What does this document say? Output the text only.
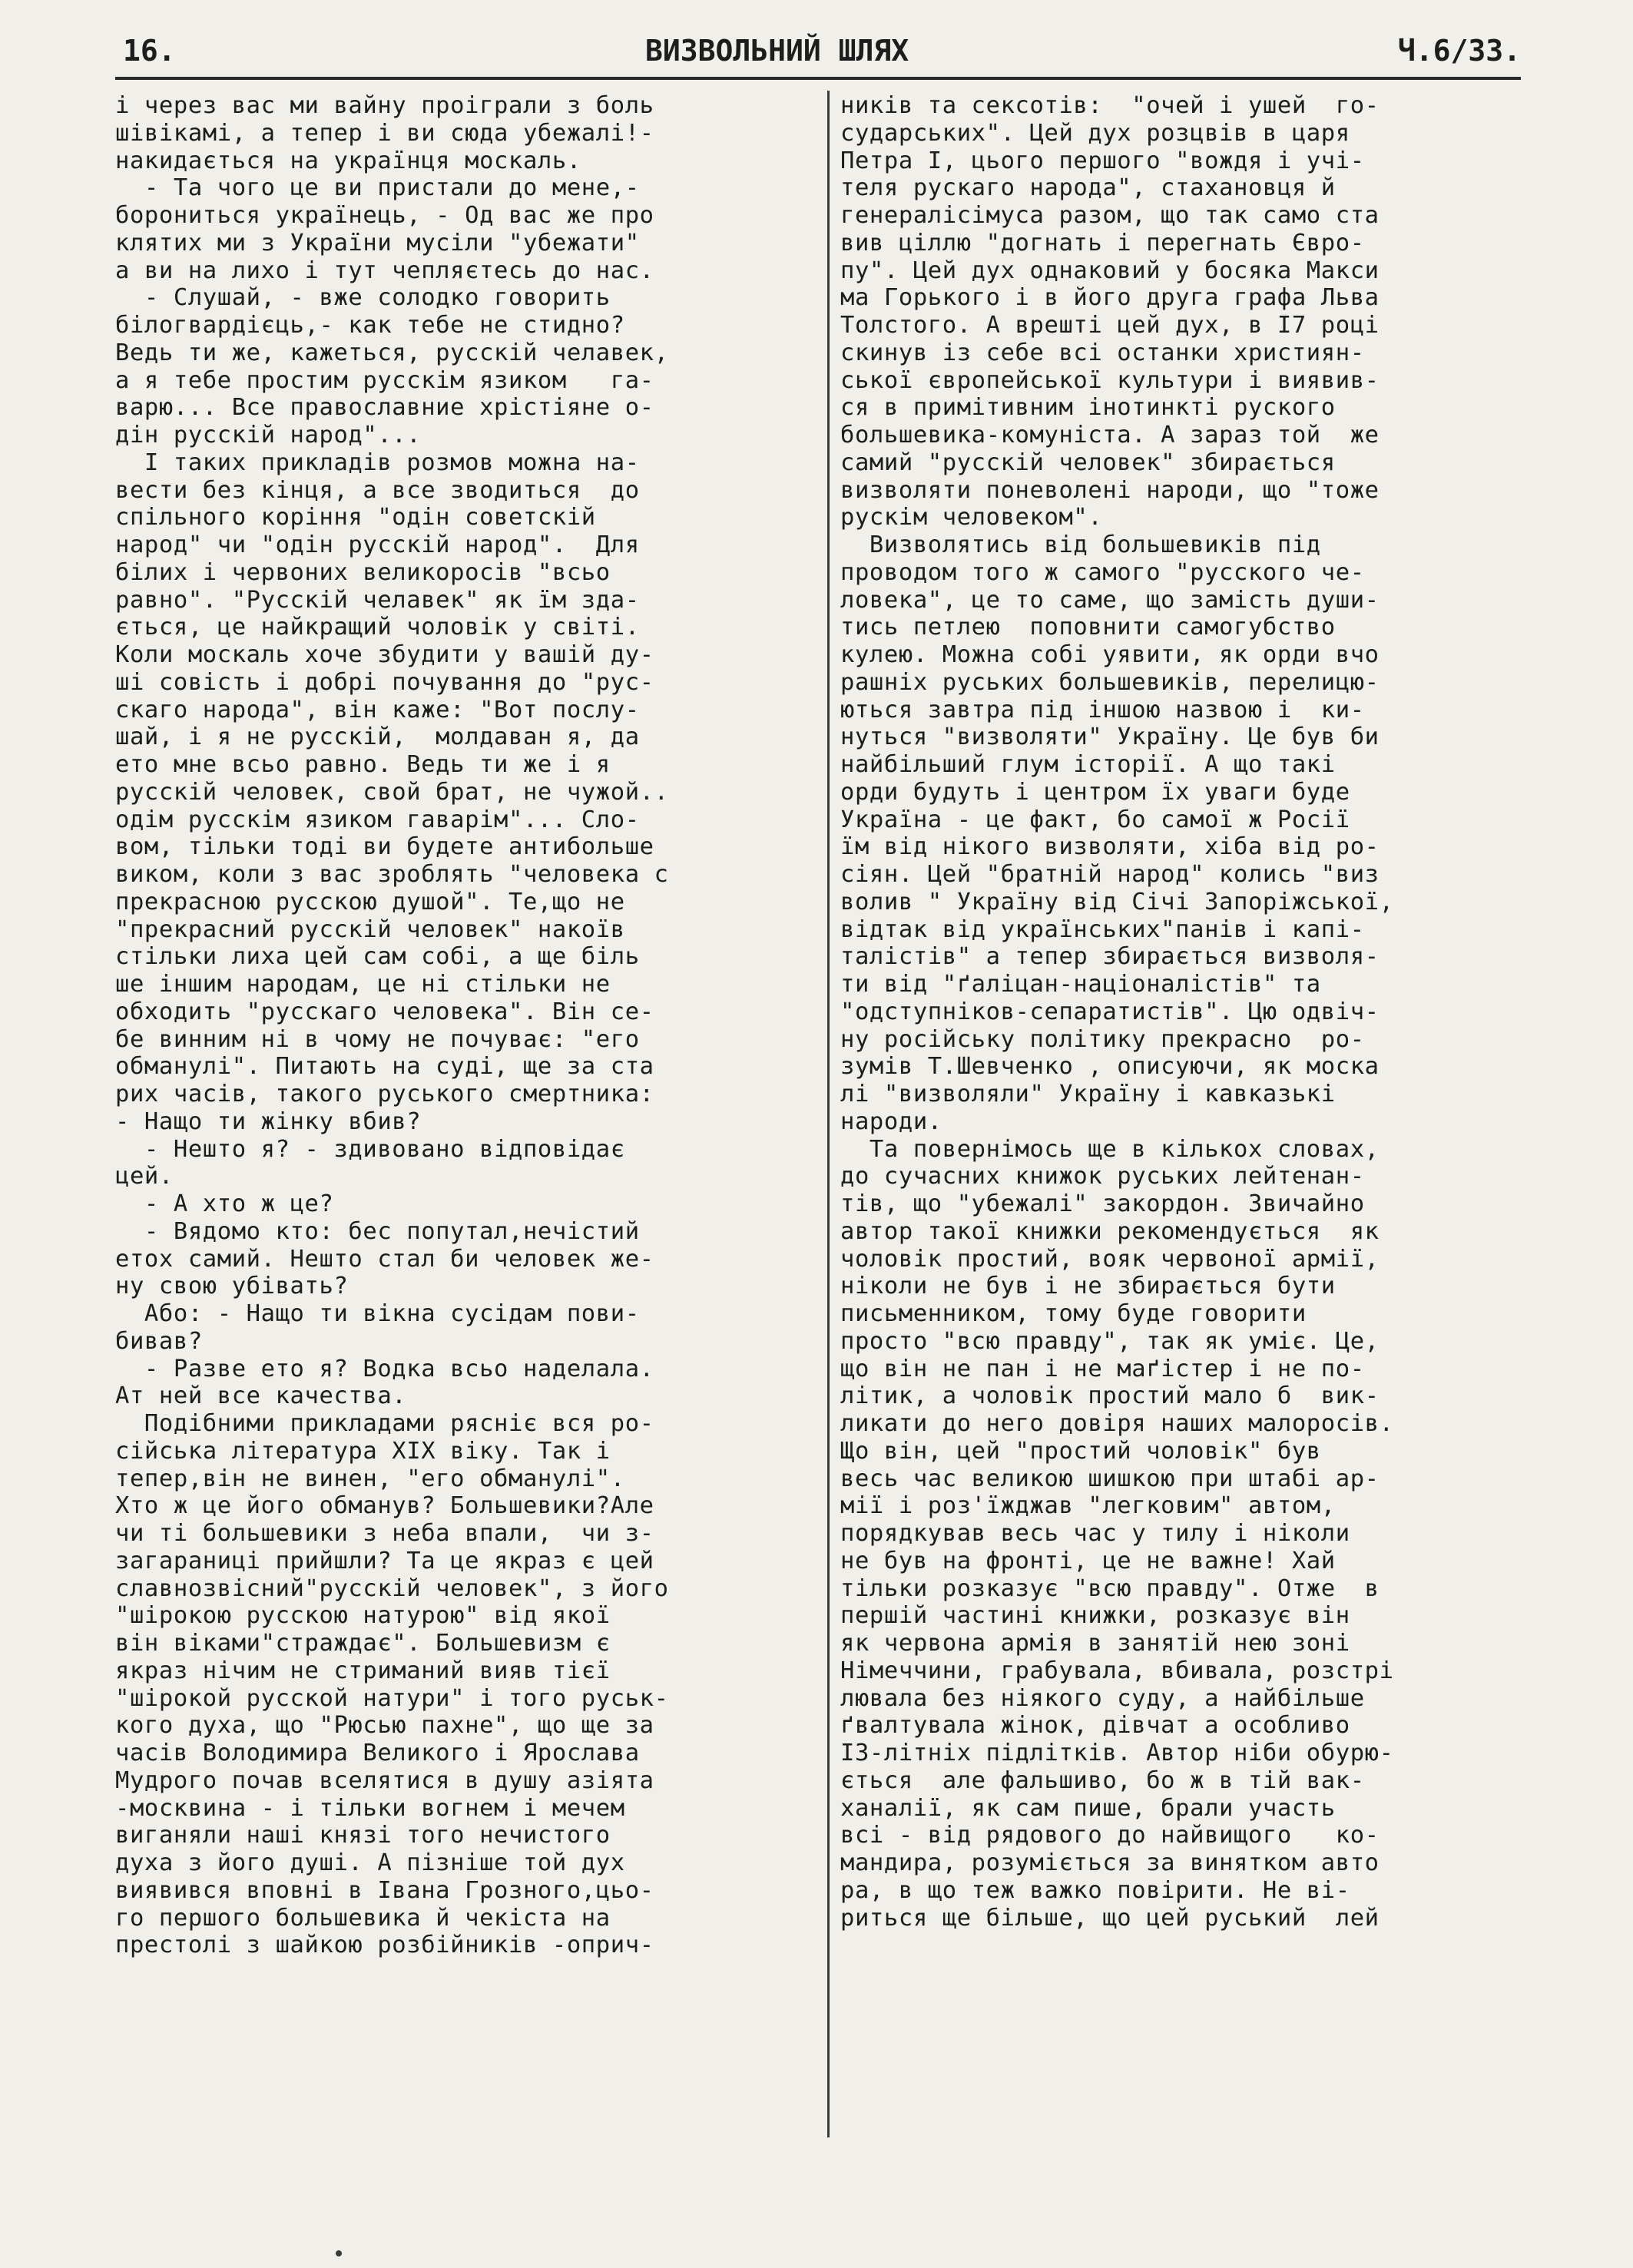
16.	ВИЗВОЛЬНИЙ ШЛЯХ	Ч.6/33.
і через вас ми вайну проіграли з боль
шівікамі, а тепер і ви сюда убежалі!-
накидається на українця москаль.
- Та чого це ви пристали до мене,-
борониться українець, - Од вас же про
клятих ми з України мусіли "убежати"
а ви на лихо і тут чепляєтесь до нас.
- Слушай, - вже солодко говорить
білогвардієць,- как тебе не стидно?
Ведь ти же, кажеться, русскій челавек,
а я тебе простим русскім язиком   га-
варю... Все православние хрістіяне о-
дін русскій народ"...
І таких прикладів розмов можна на-
вести без кінця, а все зводиться  до
спільного коріння "одін советскій
народ" чи "одін русскій народ".  Для
білих і червоних великоросів "всьо
равно". "Русскій челавек" як їм зда-
ється, це найкращий чоловік у світі.
Коли москаль хоче збудити у вашій ду-
ші совість і добрі почування до "рус-
скаго народа", він каже: "Вот послу-
шай, і я не русскій,  молдаван я, да
ето мне всьо равно. Ведь ти же і я
русскій человек, свой брат, не чужой..
одім русскім язиком гаварім"... Сло-
вом, тільки тоді ви будете антибольше
виком, коли з вас зроблять "человека с
прекрасною русскою душой". Те,що не
"прекрасний русскій человек" накоїв
стільки лиха цей сам собі, а ще біль
ше іншим народам, це ні стільки не
обходить "русскаго человека". Він се-
бе винним ні в чому не почуває: "его
обманулі". Питають на суді, ще за ста
рих часів, такого руського смертника:
- Нащо ти жінку вбив?
- Нешто я? - здивовано відповідає
цей.
- А хто ж це?
- Вядомо кто: бес попутал,нечістий
етох самий. Нешто стал би человек же-
ну свою убівать?
Або: - Нащо ти вікна сусідам пови-
бивав?
- Разве ето я? Водка всьо наделала.
Ат ней все качества.
Подібними прикладами рясніє вся ро-
сійська література XIX віку. Так і
тепер,він не винен, "его обманулі".
Хто ж це його обманув? Большевики?Але
чи ті большевики з неба впали,  чи з-
загараниці прийшли? Та це якраз є цей
славнозвісний"русскій человек", з його
"шірокою русскою натурою" від якої
він віками"страждає". Большевизм є
якраз нічим не стриманий вияв тієї
"шірокой русской натури" і того руськ-
кого духа, що "Рюсью пахне", що ще за
часів Володимира Великого і Ярослава
Мудрого почав вселятися в душу азіята
-москвина - і тільки вогнем і мечем
виганяли наші князі того нечистого
духа з його душі. А пізніше той дух
виявився вповні в Івана Грозного,цьо-
го першого большевика й чекіста на
престолі з шайкою розбійників -оприч-
ників та сексотів:  "очей і ушей  го-
сударських". Цей дух розцвів в царя
Петра І, цього першого "вождя і учі-
теля рускаго народа", стахановця й
генералісімуса разом, що так само ста
вив ціллю "догнать і перегнать Євро-
пу". Цей дух однаковий у босяка Макси
ма Горького і в його друга графа Льва
Толстого. А врешті цей дух, в І7 році
скинув із себе всі останки християн-
ської європейської культури і виявив-
ся в примітивним інотинкті руского
большевика-комуніста. А зараз той  же
самий "русскій человек" збирається
визволяти поневолені народи, що "тоже
рускім человеком".
Визволятись від большевиків під
проводом того ж самого "русского че-
ловека", це то саме, що замість души-
тись петлею  поповнити самогубство
кулею. Можна собі уявити, як орди вчо
рашніх руських большевиків, перелицю-
ються завтра під іншою назвою і  ки-
нуться "визволяти" Україну. Це був би
найбільший глум історії. А що такі
орди будуть і центром їх уваги буде
Україна - це факт, бо самої ж Росії
їм від нікого визволяти, хіба від ро-
сіян. Цей "братній народ" колись "виз
волив " Україну від Січі Запоріжської,
відтак від українських"панів і капі-
талістів" а тепер збирається визволя-
ти від "ґаліцан-націоналістів" та
"одступніков-сепаратистів". Цю одвіч-
ну російську політику прекрасно  ро-
зумів Т.Шевченко , описуючи, як моска
лі "визволяли" Україну і кавказькі
народи.
Та повернімось ще в кількох словах,
до сучасних книжок руських лейтенан-
тів, що "убежалі" закордон. Звичайно
автор такої книжки рекомендується  як
чоловік простий, вояк червоної армії,
ніколи не був і не збирається бути
письменником, тому буде говорити
просто "всю правду", так як уміє. Це,
що він не пан і не маґістер і не по-
літик, а чоловік простий мало б  вик-
ликати до него довіря наших малоросів.
Що він, цей "простий чоловік" був
весь час великою шишкою при штабі ар-
мії і роз'їжджав "легковим" автом,
порядкував весь час у тилу і ніколи
не був на фронті, це не важне! Хай
тільки розказує "всю правду". Отже  в
першій частині книжки, розказує він
як червона армія в занятій нею зоні
Німеччини, грабувала, вбивала, розстрі
лювала без ніякого суду, а найбільше
ґвалтувала жінок, дівчат а особливо
ІЗ-літніх підлітків. Автор ніби обурю-
ється  але фальшиво, бо ж в тій вак-
ханалії, як сам пише, брали участь
всі - від рядового до найвищого   ко-
мандира, розуміється за винятком авто
ра, в що теж важко повірити. Не ві-
риться ще більше, що цей руський  лей
